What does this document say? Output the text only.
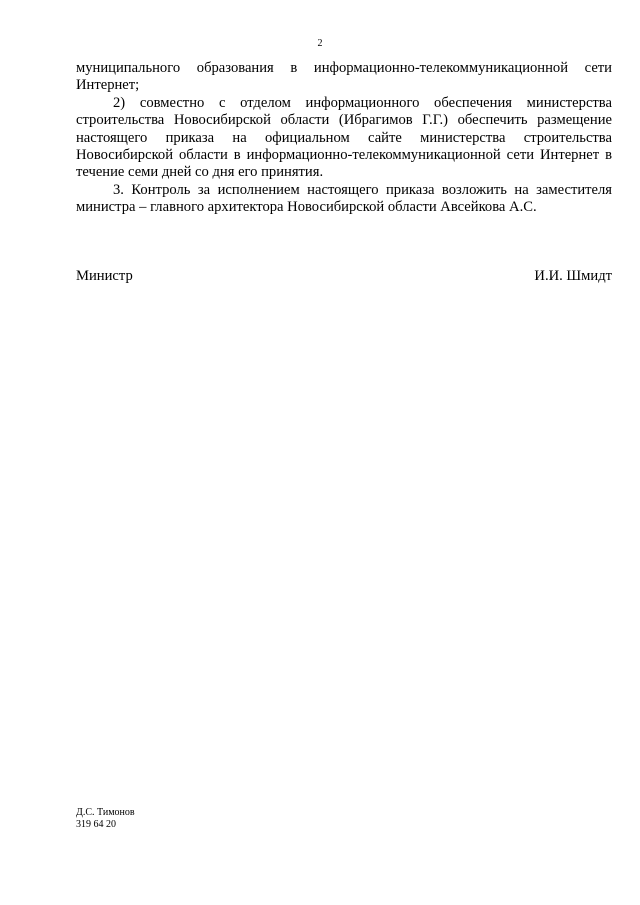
2

муниципального образования в информационно-телекоммуникационной сети Интернет;

2) совместно с отделом информационного обеспечения министерства строительства Новосибирской области (Ибрагимов Г.Г.) обеспечить размещение настоящего приказа на официальном сайте министерства строительства Новосибирской области в информационно-телекоммуникационной сети Интернет в течение семи дней со дня его принятия.

3. Контроль за исполнением настоящего приказа возложить на заместителя министра – главного архитектора Новосибирской области Авсейкова А.С.

Министр	И.И. Шмидт
Д.С. Тимонов
319 64 20
